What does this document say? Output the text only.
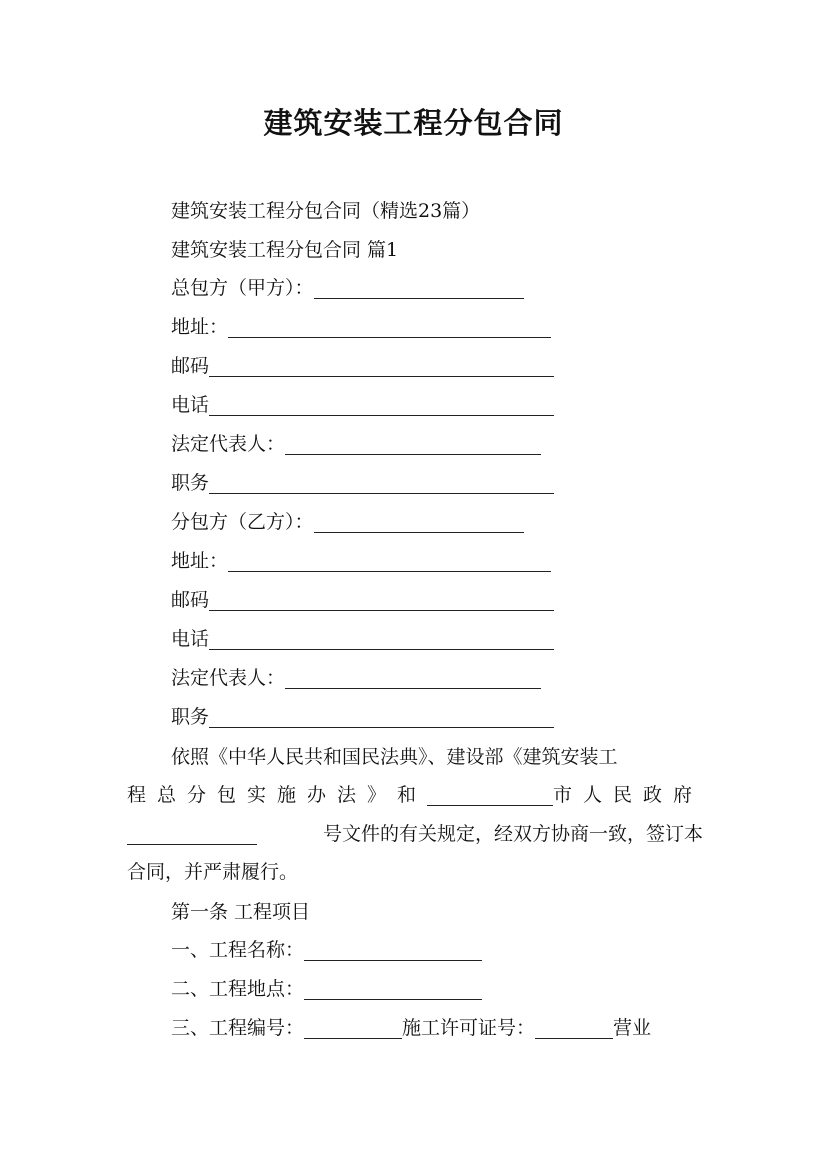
建筑安装工程分包合同
建筑安装工程分包合同（精选23篇）
建筑安装工程分包合同 篇1
总包方（甲方）：
地址：
邮码
电话
法定代表人：
职务
分包方（乙方）：
地址：
邮码
电话
法定代表人：
职务
依照《中华人民共和国民法典》、建设部《建筑安装工
程总分包实施办法》和	市人民政府
号文件的有关规定，经双方协商一致，签订本
合同，并严肃履行。
第一条 工程项目
一、工程名称：
二、工程地点：
三、工程编号：	施工许可证号：	营业
